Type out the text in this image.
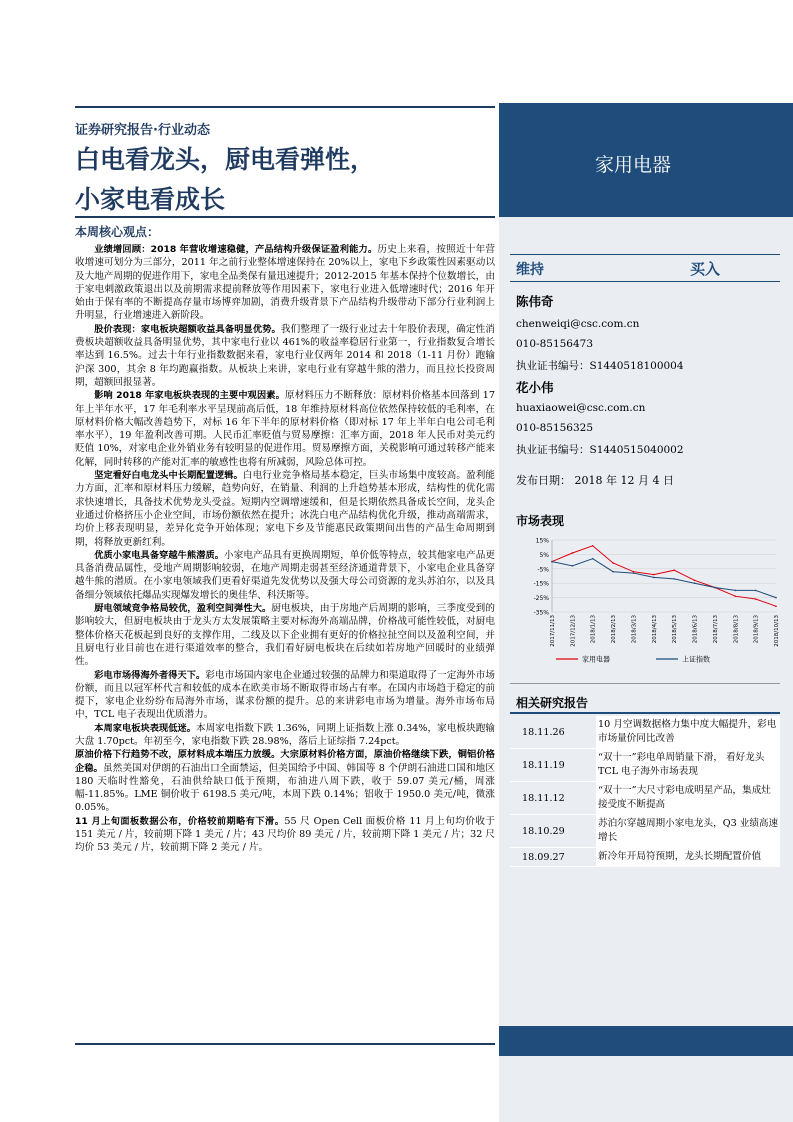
证券研究报告·行业动态
白电看龙头，厨电看弹性，
小家电看成长
本周核心观点：

业绩增回顾：2018 年营收增速稳健，产品结构升级保证盈利能力。历史上来看，按照近十年营收增速可划分为三部分，2011 年之前行业整体增速保持在 20%以上，家电下乡政策性因素驱动以及大地产周期的促进作用下，家电全品类保有量迅速提升；2012-2015 年基本保持个位数增长，由于家电刺激政策退出以及前期需求提前释放等作用因素下，家电行业进入低增速时代；2016 年开始由于保有率的不断提高存量市场博弈加剧，消费升级背景下产品结构升级带动下部分行业利润上升明显，行业增速进入新阶段。

股价表现：家电板块超额收益具备明显优势。我们整理了一级行业过去十年股价表现，确定性消费板块超额收益具备明显优势，其中家电行业以 461%的收益率稳居行业第一，行业指数复合增长率达到 16.5%。过去十年行业指数数据来看，家电行业仅两年 2014 和 2018（1-11 月份）跑输沪深 300，其余 8 年均跑赢指数。从板块上来讲，家电行业有穿越牛熊的潜力，而且拉长投资周期，超额回报显著。

影响 2018 年家电板块表现的主要中观因素。原材料压力不断释放：原材料价格基本回落到 17 年上半年水平，17 年毛利率水平呈现前高后低，18 年维持原材料高位依然保持较低的毛利率，在原材料价格大幅改善趋势下，对标 16 年下半年的原材料价格（即对标 17 年上半年白电公司毛利率水平），19 年盈利改善可期。人民币汇率贬值与贸易摩擦：汇率方面，2018 年人民币对美元约贬值 10%，对家电企业外销业务有较明显的促进作用。贸易摩擦方面，关税影响可通过转移产能来化解，同时转移的产能对汇率的敏感性也将有所减弱，风险总体可控。

坚定看好白电龙头中长期配置逻辑。白电行业竞争格局基本稳定，巨头市场集中度较高。盈利能力方面，汇率和原材料压力缓解，趋势向好，在销量、利润的上升趋势基本形成，结构性的优化需求快速增长，具备技术优势龙头受益。短期内空调增速缓和，但是长期依然具备成长空间，龙头企业通过价格挤压小企业空间，市场份额依然在提升；冰洗白电产品结构优化升级，推动高端需求，均价上移表现明显，差异化竞争开始体现；家电下乡及节能惠民政策期间出售的产品生命周期到期，将释放更新红利。

优质小家电具备穿越牛熊潜质。小家电产品具有更换周期短，单价低等特点，较其他家电产品更具备消费品属性，受地产周期影响较弱，在地产周期走弱甚至经济通道背景下，小家电企业具备穿越牛熊的潜质。在小家电领域我们更看好渠道先发优势以及强大母公司资源的龙头苏泊尔，以及具备细分领域依托爆品实现爆发增长的奥佳华、科沃斯等。

厨电领域竞争格局较优，盈利空间弹性大。厨电板块，由于房地产后周期的影响，三季度受到的影响较大，但厨电板块由于龙头方太发展策略主要对标海外高端品牌，价格战可能性较低，对厨电整体价格天花板起到良好的支撑作用，二线及以下企业拥有更好的价格拉扯空间以及盈利空间，并且厨电行业目前也在进行渠道效率的整合，我们看好厨电板块在后续如若房地产回暖时的业绩弹性。

彩电市场得海外者得天下。彩电市场国内家电企业通过较强的品牌力和渠道取得了一定海外市场份额，而且以冠军杯代言和较低的成本在欧美市场不断取得市场占有率。在国内市场趋于稳定的前提下，家电企业纷纷布局海外市场，谋求份额的提升。总的来讲彩电市场为增量。海外市场布局中，TCL 电子表现出优质潜力。

本周家电板块表现低迷。本周家电指数下跌 1.36%，同期上证指数上涨 0.34%，家电板块跑输大盘 1.70pct。年初至今，家电指数下跌 28.98%，落后上证综指 7.24pct。

原油价格下行趋势不改，原材料成本端压力放缓。大宗原材料价格方面，原油价格继续下跌，铜铝价格企稳。虽然美国对伊朗的石油出口全面禁运，但美国给予中国、韩国等 8 个伊朗石油进口国和地区 180 天临时性豁免，石油供给缺口低于预期，布油进八周下跌，收于 59.07 美元/桶，周涨幅-11.85%。LME 铜价收于 6198.5 美元/吨，本周下跌 0.14%；铝收于 1950.0 美元/吨，微涨 0.05%。

11 月上旬面板数据公布，价格较前期略有下滑。55 尺 Open Cell 面板价格 11 月上旬均价收于 151 美元 / 片，较前期下降 1 美元 / 片；43 尺均价 89 美元 / 片，较前期下降 1 美元 / 片；32 尺均价 53 美元 / 片，较前期下降 2 美元 / 片。

家用电器
维持	买入
陈伟奇
chenweiqi@csc.com.cn
010-85156473
执业证书编号：S1440518100004
花小伟
huaxiaowei@csc.com.cn
010-85156325
执业证书编号：S1440515040002
发布日期： 2018 年 12 月 4 日
市场表现
15%
5%
-5%
-15%
-25%
-35%
2017/11/13	2017/12/13	2018/1/13	2018/2/13	2018/3/13	2018/4/13	2018/5/13	2018/6/13	2018/7/13	2018/8/13	2018/9/13	2018/10/13
家用电器	上证指数
相关研究报告
18.11.26
10 月空调数据格力集中度大幅提升，彩电市场量价同比改善
18.11.19
“双十一”彩电单周销量下滑， 看好龙头 TCL 电子海外市场表现
18.11.12
“双十一”大尺寸彩电成明星产品，集成灶接受度不断提高
18.10.29
苏泊尔穿越周期小家电龙头，Q3 业绩高速增长
18.09.27	新冷年开局符预期，龙头长期配置价值
